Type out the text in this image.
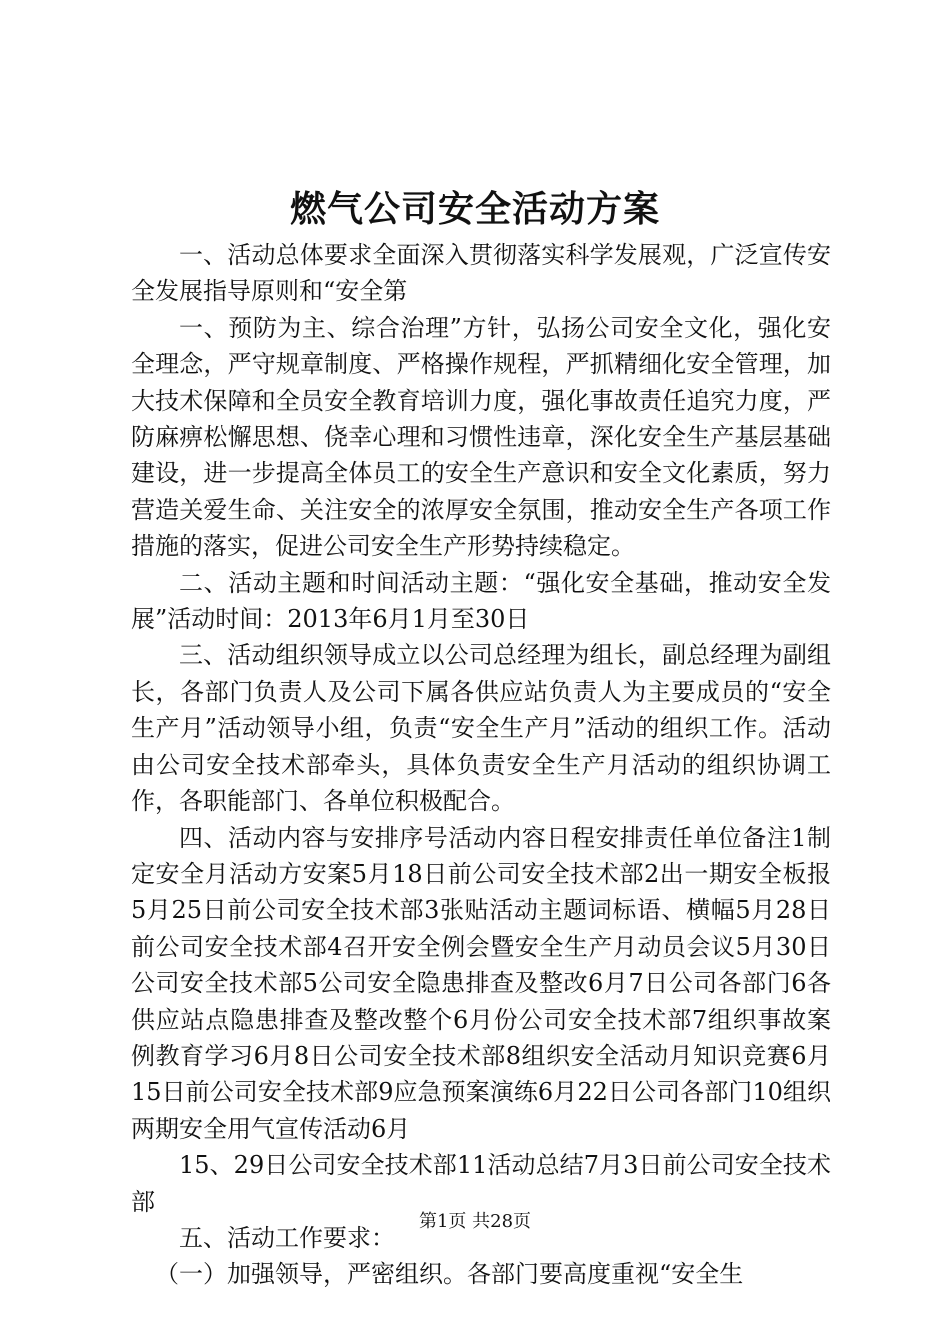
燃气公司安全活动方案

一、活动总体要求全面深入贯彻落实科学发展观，广泛宣传安全发展指导原则和“安全第

一、预防为主、综合治理”方针，弘扬公司安全文化，强化安全理念，严守规章制度、严格操作规程，严抓精细化安全管理，加大技术保障和全员安全教育培训力度，强化事故责任追究力度，严防麻痹松懈思想、侥幸心理和习惯性违章，深化安全生产基层基础建设，进一步提高全体员工的安全生产意识和安全文化素质，努力营造关爱生命、关注安全的浓厚安全氛围，推动安全生产各项工作措施的落实，促进公司安全生产形势持续稳定。

二、活动主题和时间活动主题：“强化安全基础，推动安全发展”活动时间：2013年6月1月至30日

三、活动组织领导成立以公司总经理为组长，副总经理为副组长，各部门负责人及公司下属各供应站负责人为主要成员的“安全生产月”活动领导小组，负责“安全生产月”活动的组织工作。活动由公司安全技术部牵头，具体负责安全生产月活动的组织协调工作，各职能部门、各单位积极配合。

四、活动内容与安排序号活动内容日程安排责任单位备注1制定安全月活动方安案5月18日前公司安全技术部2出一期安全板报5月25日前公司安全技术部3张贴活动主题词标语、横幅5月28日前公司安全技术部4召开安全例会暨安全生产月动员会议5月30日公司安全技术部5公司安全隐患排查及整改6月7日公司各部门6各供应站点隐患排查及整改整个6月份公司安全技术部7组织事故案例教育学习6月8日公司安全技术部8组织安全活动月知识竞赛6月15日前公司安全技术部9应急预案演练6月22日公司各部门10组织两期安全用气宣传活动6月

15、29日公司安全技术部11活动总结7月3日前公司安全技术部

五、活动工作要求：

（一）加强领导，严密组织。各部门要高度重视“安全生

第1页 共28页
